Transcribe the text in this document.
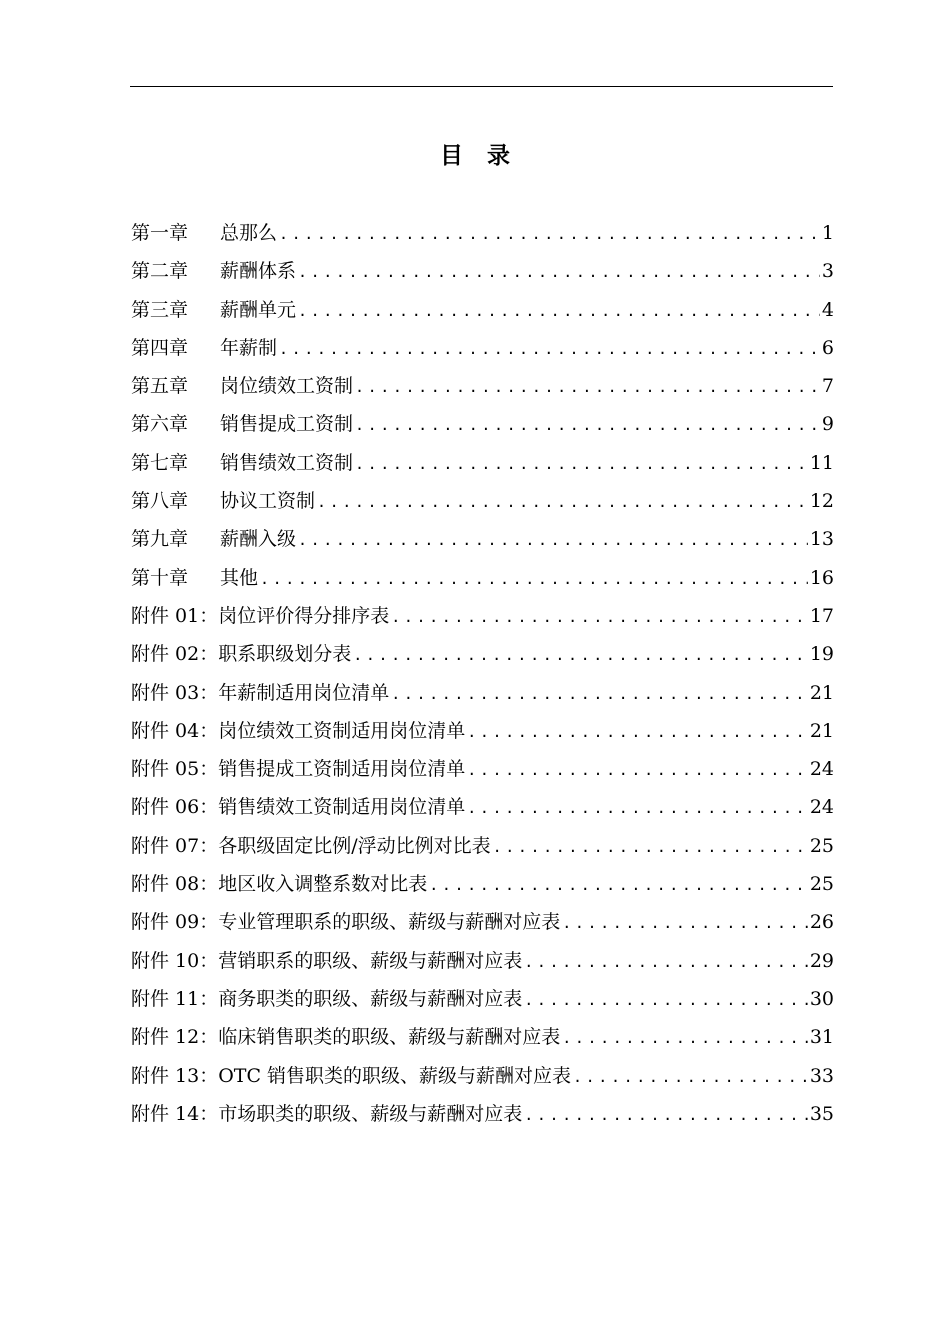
目 录
第一章	总那么 .....	1
第二章	薪酬体系 .....	3
第三章	薪酬单元 .....	4
第四章	年薪制 .....	6
第五章	岗位绩效工资制 .....	7
第六章	销售提成工资制 .....	9
第七章	销售绩效工资制 .....	11
第八章	协议工资制 .....	12
第九章	薪酬入级 .....	13
第十章	其他 .....	16
附件 01： 岗位评价得分排序表 .....	17
附件 02： 职系职级划分表 .....	19
附件 03： 年薪制适用岗位清单 .....	21
附件 04： 岗位绩效工资制适用岗位清单 .....	21
附件 05： 销售提成工资制适用岗位清单 .....	24
附件 06： 销售绩效工资制适用岗位清单 .....	24
附件 07： 各职级固定比例/浮动比例对比表 .....	25
附件 08： 地区收入调整系数对比表 .....	25
附件 09： 专业管理职系的职级、薪级与薪酬对应表 .....	26
附件 10： 营销职系的职级、薪级与薪酬对应表 .....	29
附件 11： 商务职类的职级、薪级与薪酬对应表 .....	30
附件 12： 临床销售职类的职级、薪级与薪酬对应表 .....	31
附件 13： OTC 销售职类的职级、薪级与薪酬对应表 .....	33
附件 14： 市场职类的职级、薪级与薪酬对应表 .....	35
